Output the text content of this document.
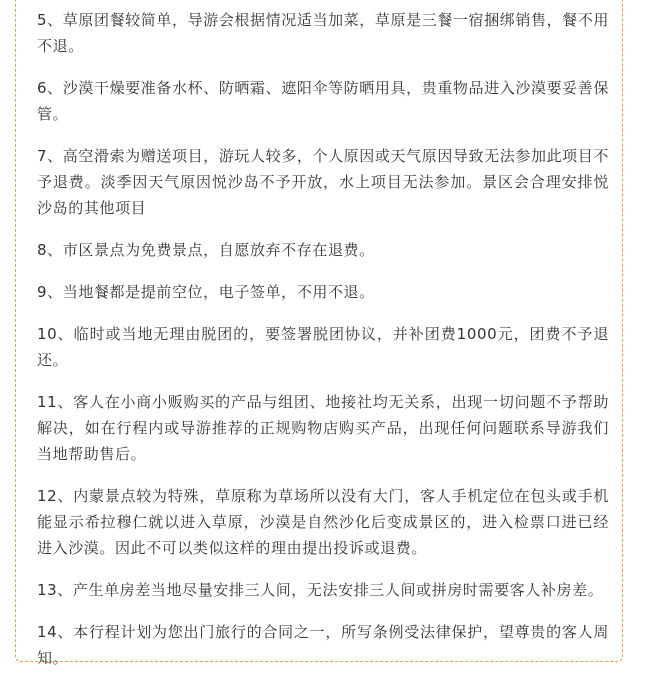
5、草原团餐较简单，导游会根据情况适当加菜，草原是三餐一宿捆绑销售，餐不用不退。

6、沙漠干燥要准备水杯、防晒霜、遮阳伞等防晒用具，贵重物品进入沙漠要妥善保管。

7、高空滑索为赠送项目，游玩人较多，个人原因或天气原因导致无法参加此项目不予退费。淡季因天气原因悦沙岛不予开放，水上项目无法参加。景区会合理安排悦沙岛的其他项目

8、市区景点为免费景点，自愿放弃不存在退费。

9、当地餐都是提前空位，电子签单，不用不退。

10、临时或当地无理由脱团的，要签署脱团协议，并补团费1000元，团费不予退还。

11、客人在小商小贩购买的产品与组团、地接社均无关系，出现一切问题不予帮助解决，如在行程内或导游推荐的正规购物店购买产品，出现任何问题联系导游我们当地帮助售后。

12、内蒙景点较为特殊，草原称为草场所以没有大门，客人手机定位在包头或手机能显示希拉穆仁就以进入草原，沙漠是自然沙化后变成景区的，进入检票口进已经进入沙漠。因此不可以类似这样的理由提出投诉或退费。

13、产生单房差当地尽量安排三人间，无法安排三人间或拼房时需要客人补房差。

14、本行程计划为您出门旅行的合同之一，所写条例受法律保护，望尊贵的客人周知。
